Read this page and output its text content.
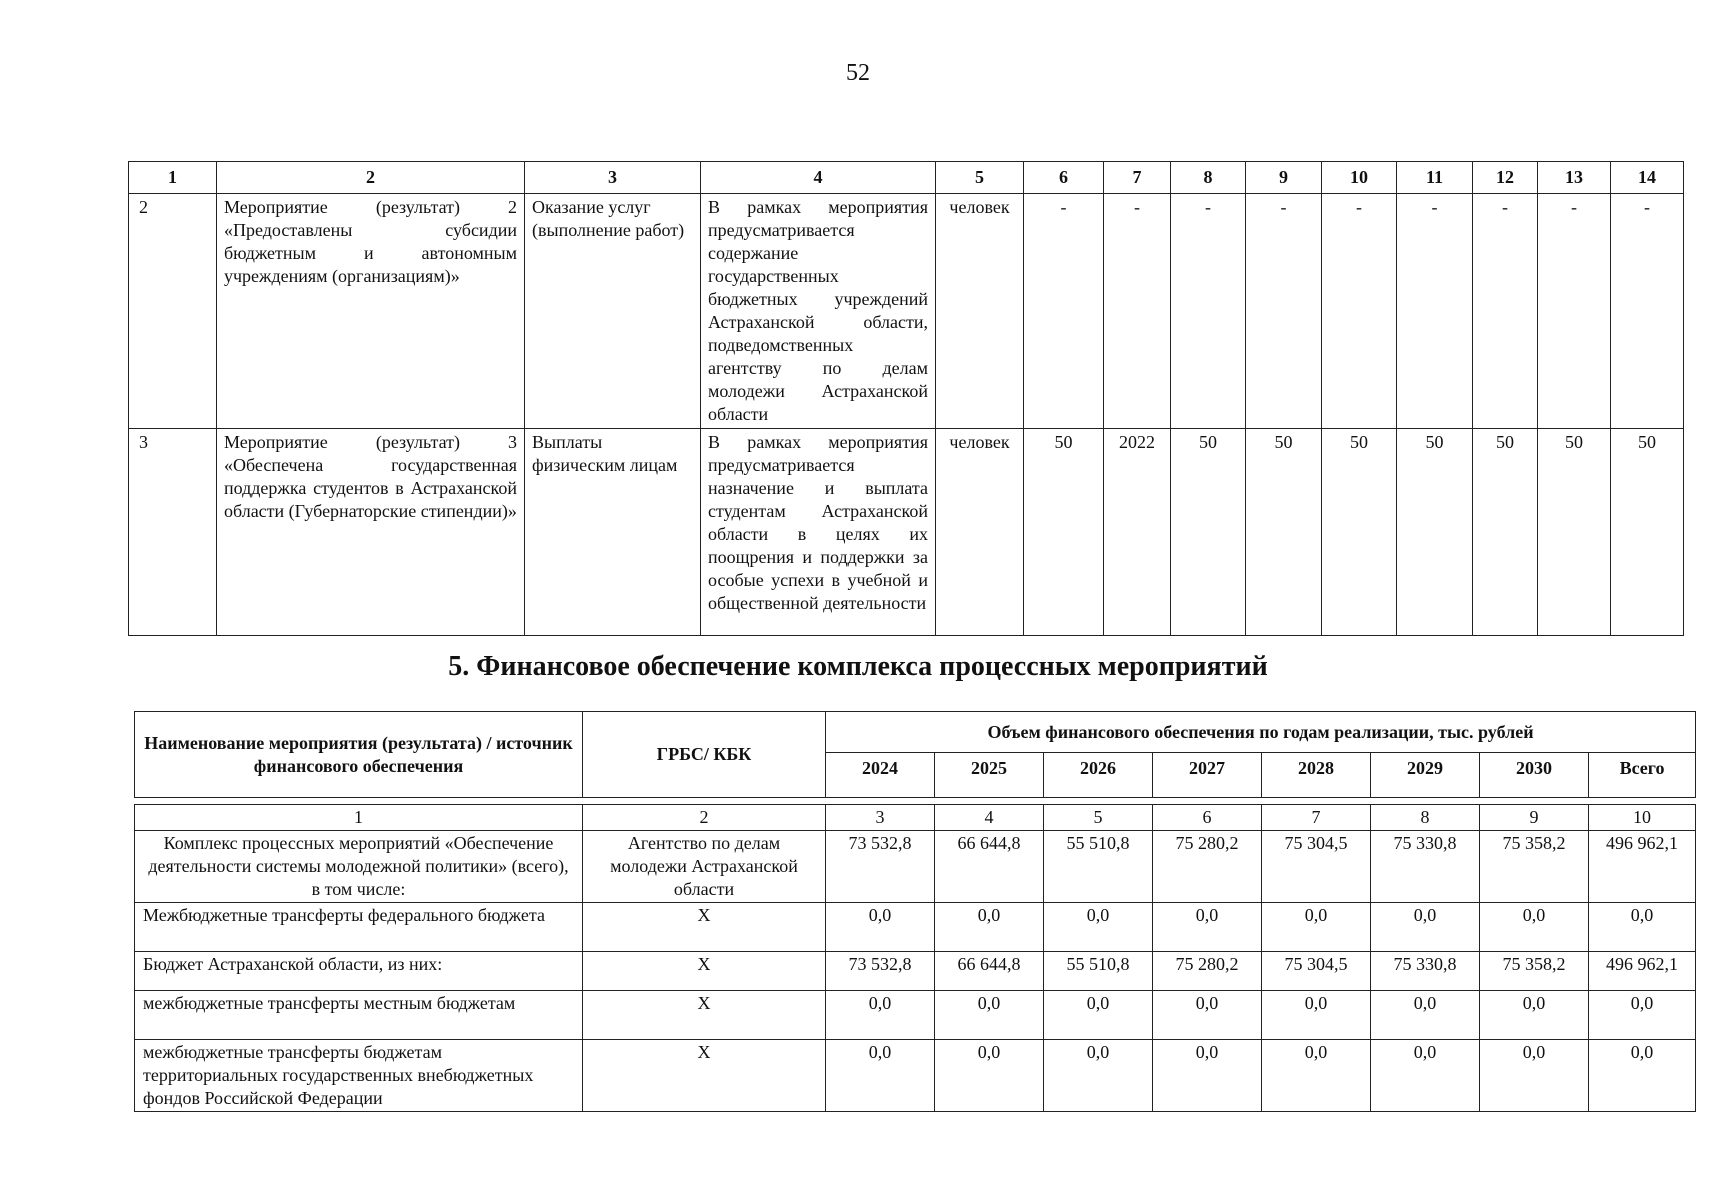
52
1	2	3	4	5	6	7	8	9	10	11	12	13	14
2	Мероприятие (результат) 2 «Предоставлены субсидии бюджетным и автономным учреждениям (организациям)»	Оказание услуг (выполнение работ)	В рамках мероприятия предусматривается содержание государственных бюджетных учреждений Астраханской области, подведомственных агентству по делам молодежи Астраханской области	человек	-	-	-	-	-	-	-	-	-
3	Мероприятие (результат) 3 «Обеспечена государственная поддержка студентов в Астраханской области (Губернаторские стипендии)»	Выплаты физическим лицам	В рамках мероприятия предусматривается назначение и выплата студентам Астраханской области в целях их поощрения и поддержки за особые успехи в учебной и общественной деятельности	человек	50	2022	50	50	50	50	50	50	50
5. Финансовое обеспечение комплекса процессных мероприятий
Наименование мероприятия (результата) / источник финансового обеспечения	ГРБС/ КБК	Объем финансового обеспечения по годам реализации, тыс. рублей							
		2024	2025	2026	2027	2028	2029	2030	Всего

1	2	3	4	5	6	7	8	9	10
Комплекс процессных мероприятий «Обеспечение деятельности системы молодежной политики» (всего), в том числе:	Агентство по делам молодежи Астраханской области	73 532,8	66 644,8	55 510,8	75 280,2	75 304,5	75 330,8	75 358,2	496 962,1
Межбюджетные трансферты федерального бюджета	Х	0,0	0,0	0,0	0,0	0,0	0,0	0,0	0,0
Бюджет Астраханской области, из них:	Х	73 532,8	66 644,8	55 510,8	75 280,2	75 304,5	75 330,8	75 358,2	496 962,1
межбюджетные трансферты местным бюджетам	Х	0,0	0,0	0,0	0,0	0,0	0,0	0,0	0,0
межбюджетные трансферты бюджетам территориальных государственных внебюджетных фондов Российской Федерации	Х	0,0	0,0	0,0	0,0	0,0	0,0	0,0	0,0
